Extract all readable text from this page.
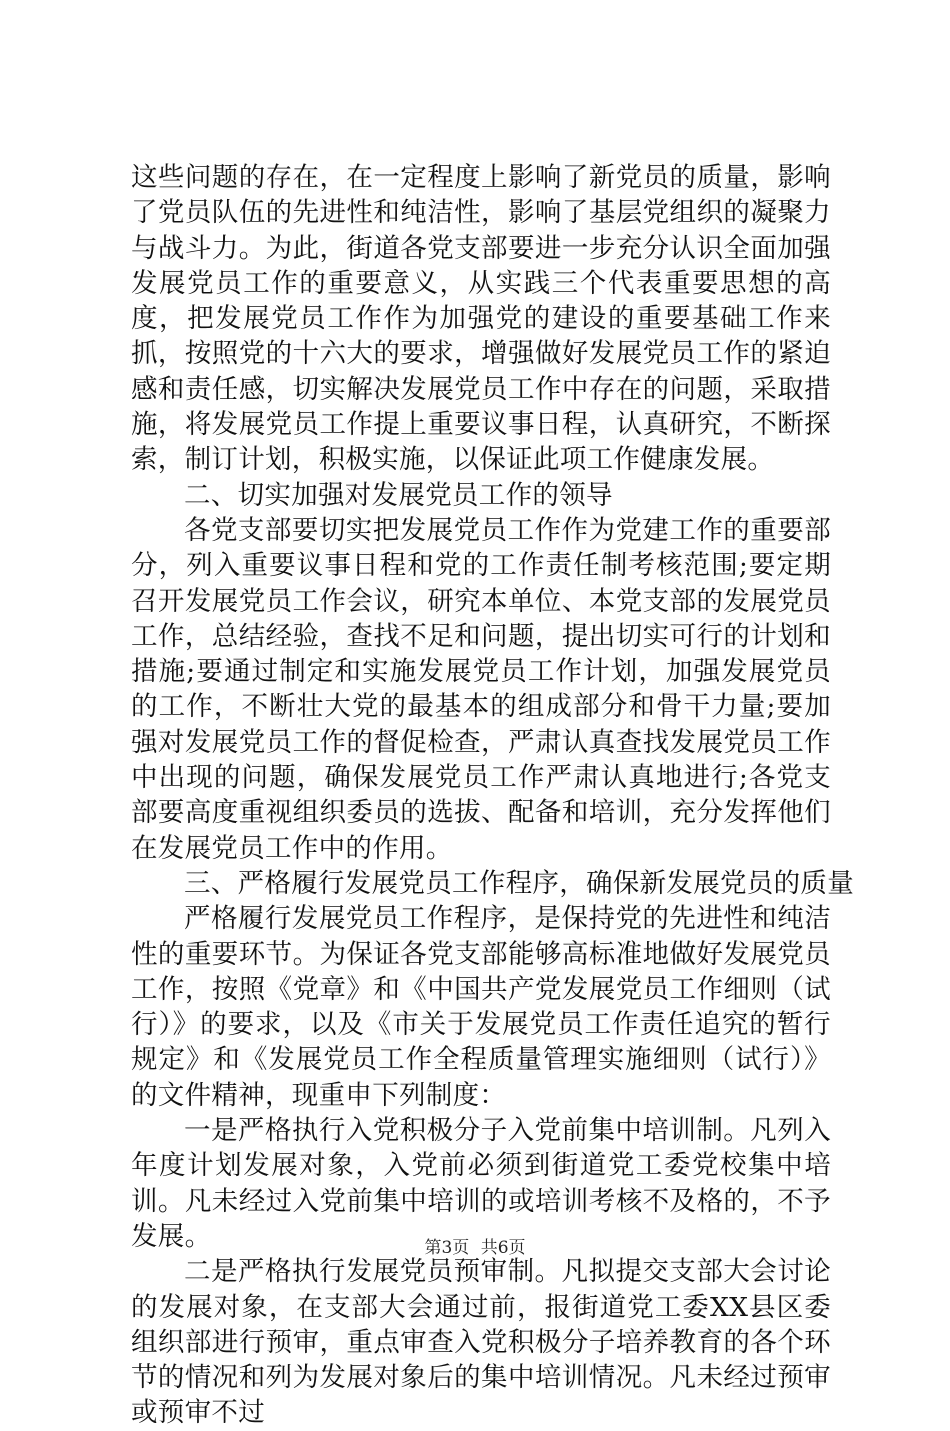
这些问题的存在，在一定程度上影响了新党员的质量，影响了党员队伍的先进性和纯洁性，影响了基层党组织的凝聚力与战斗力。为此，街道各党支部要进一步充分认识全面加强发展党员工作的重要意义，从实践三个代表重要思想的高度，把发展党员工作作为加强党的建设的重要基础工作来抓，按照党的十六大的要求，增强做好发展党员工作的紧迫感和责任感，切实解决发展党员工作中存在的问题，采取措施，将发展党员工作提上重要议事日程，认真研究，不断探索，制订计划，积极实施，以保证此项工作健康发展。

二、切实加强对发展党员工作的领导

各党支部要切实把发展党员工作作为党建工作的重要部分，列入重要议事日程和党的工作责任制考核范围;要定期召开发展党员工作会议，研究本单位、本党支部的发展党员工作，总结经验，查找不足和问题，提出切实可行的计划和措施;要通过制定和实施发展党员工作计划，加强发展党员的工作，不断壮大党的最基本的组成部分和骨干力量;要加强对发展党员工作的督促检查，严肃认真查找发展党员工作中出现的问题，确保发展党员工作严肃认真地进行;各党支部要高度重视组织委员的选拔、配备和培训，充分发挥他们在发展党员工作中的作用。

三、严格履行发展党员工作程序，确保新发展党员的质量

严格履行发展党员工作程序，是保持党的先进性和纯洁性的重要环节。为保证各党支部能够高标准地做好发展党员工作，按照《党章》和《中国共产党发展党员工作细则（试行）》的要求，以及《市关于发展党员工作责任追究的暂行规定》和《发展党员工作全程质量管理实施细则（试行）》的文件精神，现重申下列制度：

一是严格执行入党积极分子入党前集中培训制。凡列入年度计划发展对象，入党前必须到街道党工委党校集中培训。凡未经过入党前集中培训的或培训考核不及格的，不予发展。

二是严格执行发展党员预审制。凡拟提交支部大会讨论的发展对象，在支部大会通过前，报街道党工委XX县区委组织部进行预审，重点审查入党积极分子培养教育的各个环节的情况和列为发展对象后的集中培训情况。凡未经过预审或预审不过

第3页 共6页
